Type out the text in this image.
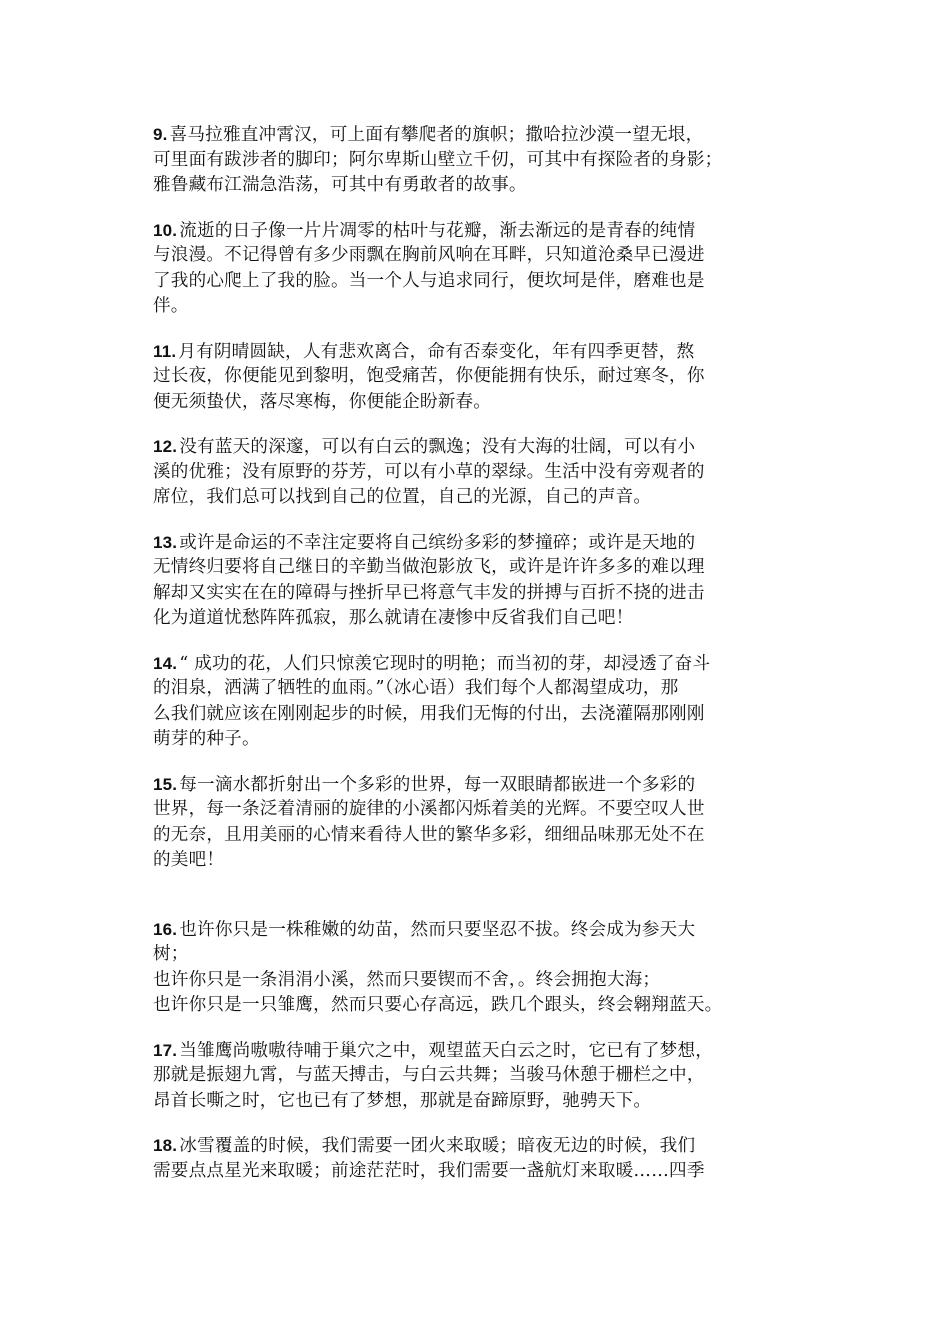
9. 喜马拉雅直冲霄汉，可上面有攀爬者的旗帜；撒哈拉沙漠一望无垠，
可里面有跋涉者的脚印；阿尔卑斯山壁立千仞，可其中有探险者的身影；
雅鲁藏布江湍急浩荡，可其中有勇敢者的故事。
10. 流逝的日子像一片片凋零的枯叶与花瓣，渐去渐远的是青春的纯情
与浪漫。不记得曾有多少雨飘在胸前风响在耳畔，只知道沧桑早已漫进
了我的心爬上了我的脸。当一个人与追求同行，便坎坷是伴，磨难也是
伴。
11. 月有阴晴圆缺，人有悲欢离合，命有否泰变化，年有四季更替，熬
过长夜，你便能见到黎明，饱受痛苦，你便能拥有快乐，耐过寒冬，你
便无须蛰伏，落尽寒梅，你便能企盼新春。
12. 没有蓝天的深邃，可以有白云的飘逸；没有大海的壮阔，可以有小
溪的优雅；没有原野的芬芳，可以有小草的翠绿。生活中没有旁观者的
席位，我们总可以找到自己的位置，自己的光源，自己的声音。
13. 或许是命运的不幸注定要将自己缤纷多彩的梦撞碎；或许是天地的
无情终归要将自己继日的辛勤当做泡影放飞，或许是许许多多的难以理
解却又实实在在的障碍与挫折早已将意气丰发的拼搏与百折不挠的进击
化为道道忧愁阵阵孤寂，那么就请在凄惨中反省我们自己吧！
14. “ 成功的花，人们只惊羡它现时的明艳；而当初的芽，却浸透了奋斗
的泪泉，洒满了牺牲的血雨。”（冰心语）我们每个人都渴望成功，那
么我们就应该在刚刚起步的时候，用我们无悔的付出，去浇灌隔那刚刚
萌芽的种子。
15. 每一滴水都折射出一个多彩的世界，每一双眼睛都嵌进一个多彩的
世界，每一条泛着清丽的旋律的小溪都闪烁着美的光辉。不要空叹人世
的无奈，且用美丽的心情来看待人世的繁华多彩，细细品味那无处不在
的美吧！
16. 也许你只是一株稚嫩的幼苗，然而只要坚忍不拔。终会成为参天大
树；
也许你只是一条涓涓小溪，然而只要锲而不舍，。终会拥抱大海；
也许你只是一只雏鹰，然而只要心存高远，跌几个跟头，终会翱翔蓝天。
17. 当雏鹰尚嗷嗷待哺于巢穴之中，观望蓝天白云之时，它已有了梦想，
那就是振翅九霄，与蓝天搏击，与白云共舞；当骏马休憩于栅栏之中，
昂首长嘶之时，它也已有了梦想，那就是奋蹄原野，驰骋天下。
18. 冰雪覆盖的时候，我们需要一团火来取暖；暗夜无边的时候，我们
需要点点星光来取暖；前途茫茫时，我们需要一盏航灯来取暖……四季
